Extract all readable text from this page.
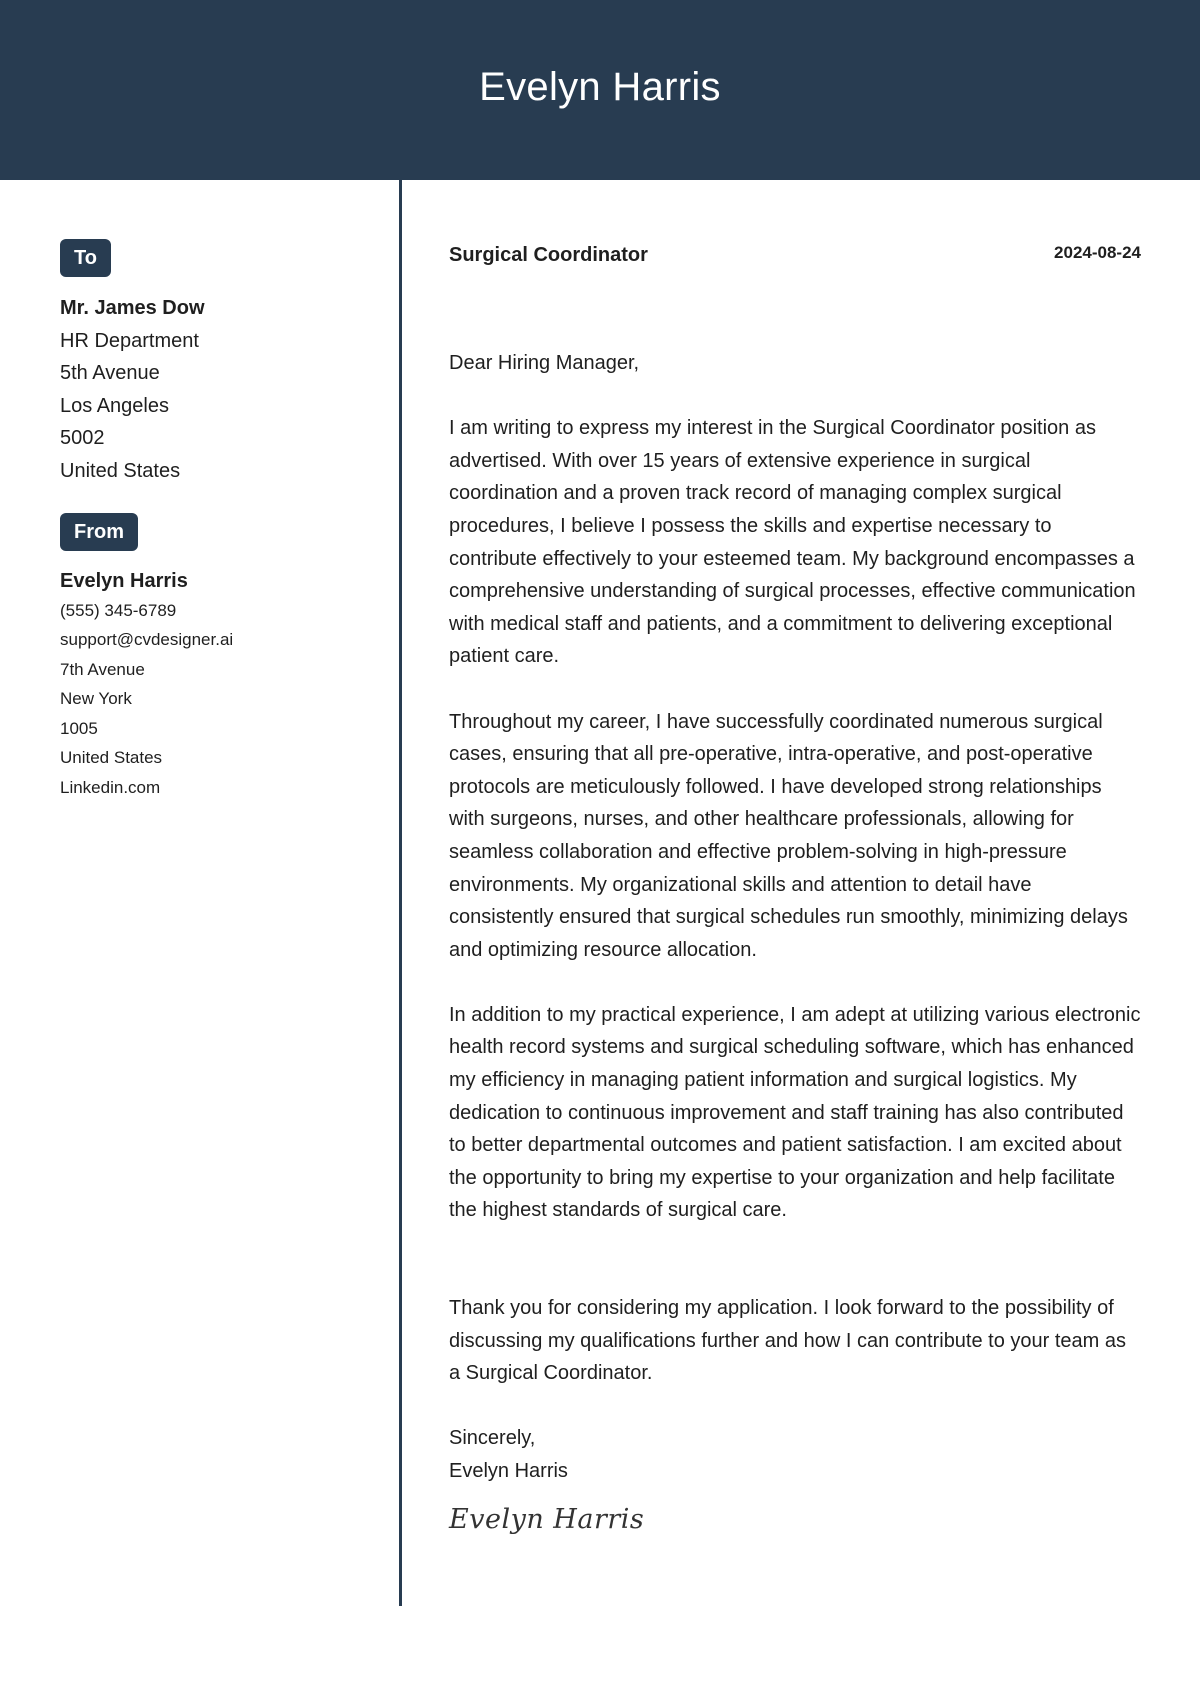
Evelyn Harris
To
Mr. James Dow
HR Department
5th Avenue
Los Angeles
5002
United States
From
Evelyn Harris
(555) 345-6789
support@cvdesigner.ai
7th Avenue
New York
1005
United States
Linkedin.com
Surgical Coordinator	2024-08-24
Dear Hiring Manager,
I am writing to express my interest in the Surgical Coordinator position as advertised. With over 15 years of extensive experience in surgical coordination and a proven track record of managing complex surgical procedures, I believe I possess the skills and expertise necessary to contribute effectively to your esteemed team. My background encompasses a comprehensive understanding of surgical processes, effective communication with medical staff and patients, and a commitment to delivering exceptional patient care.
Throughout my career, I have successfully coordinated numerous surgical cases, ensuring that all pre-operative, intra-operative, and post-operative protocols are meticulously followed. I have developed strong relationships with surgeons, nurses, and other healthcare professionals, allowing for seamless collaboration and effective problem-solving in high-pressure environments. My organizational skills and attention to detail have consistently ensured that surgical schedules run smoothly, minimizing delays and optimizing resource allocation.
In addition to my practical experience, I am adept at utilizing various electronic health record systems and surgical scheduling software, which has enhanced my efficiency in managing patient information and surgical logistics. My dedication to continuous improvement and staff training has also contributed to better departmental outcomes and patient satisfaction. I am excited about the opportunity to bring my expertise to your organization and help facilitate the highest standards of surgical care.
Thank you for considering my application. I look forward to the possibility of discussing my qualifications further and how I can contribute to your team as a Surgical Coordinator.
Sincerely,
Evelyn Harris
Evelyn Harris
